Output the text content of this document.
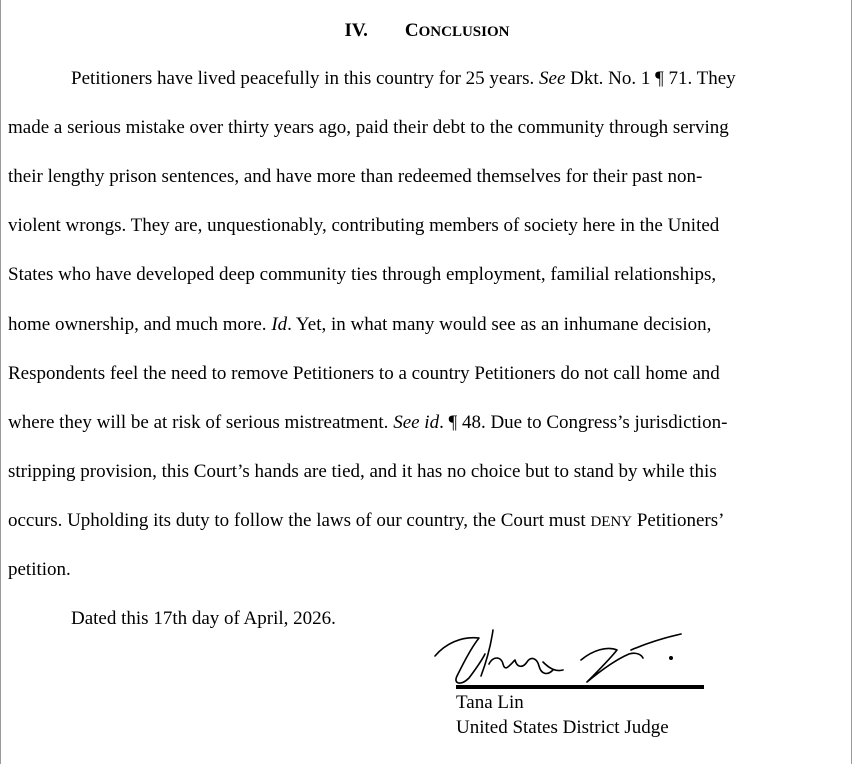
IV. CONCLUSION
Petitioners have lived peacefully in this country for 25 years. See Dkt. No. 1 ¶ 71. They
made a serious mistake over thirty years ago, paid their debt to the community through serving
their lengthy prison sentences, and have more than redeemed themselves for their past non-
violent wrongs. They are, unquestionably, contributing members of society here in the United
States who have developed deep community ties through employment, familial relationships,
home ownership, and much more. Id. Yet, in what many would see as an inhumane decision,
Respondents feel the need to remove Petitioners to a country Petitioners do not call home and
where they will be at risk of serious mistreatment. See id. ¶ 48. Due to Congress’s jurisdiction-
stripping provision, this Court’s hands are tied, and it has no choice but to stand by while this
occurs. Upholding its duty to follow the laws of our country, the Court must DENY Petitioners’
petition.
Dated this 17th day of April, 2026.
Tana Lin
United States District Judge
